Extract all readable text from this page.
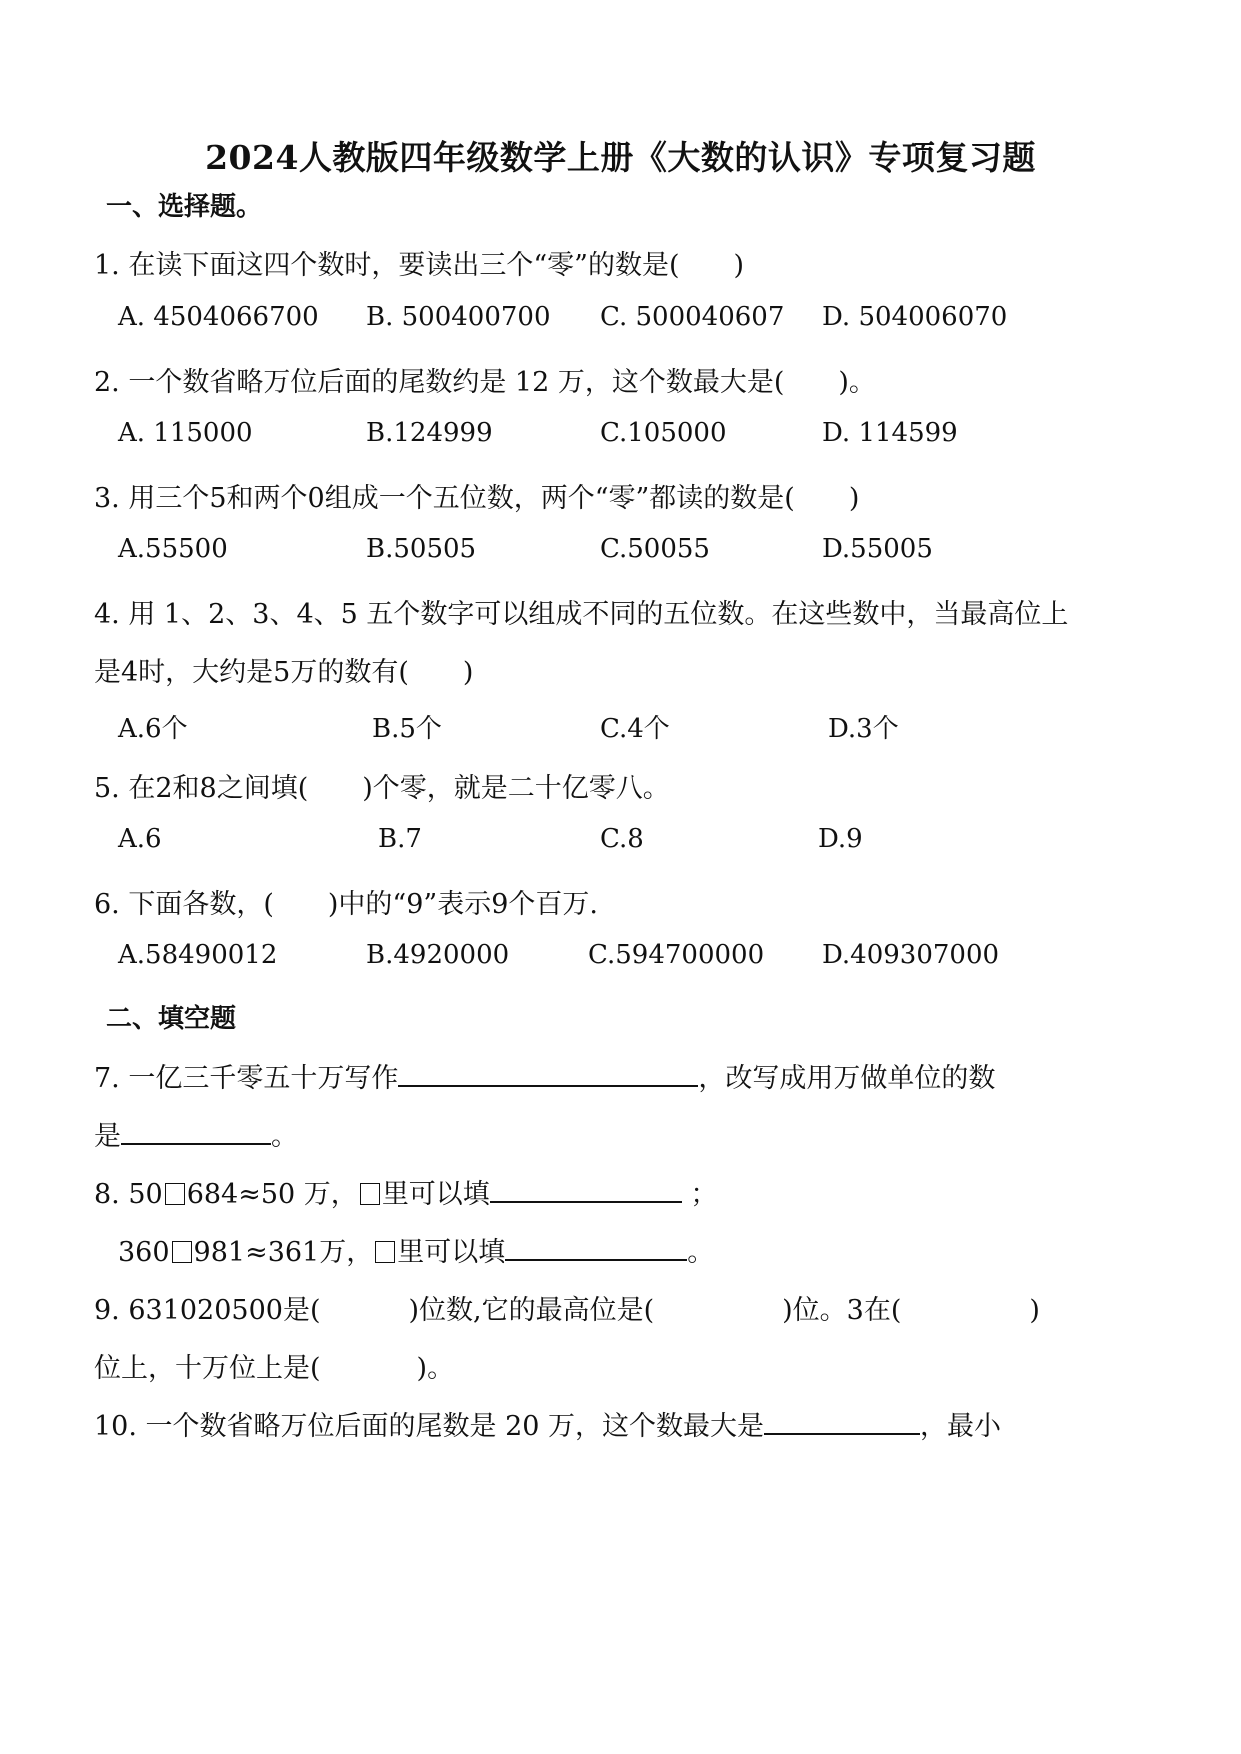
2024人教版四年级数学上册《大数的认识》专项复习题
一、选择题。
1. 在读下面这四个数时，要读出三个“零”的数是(　　)
A. 4504066700 B. 500400700 C. 500040607 D. 504006070
2. 一个数省略万位后面的尾数约是 12 万，这个数最大是(　　)。
A. 115000	B.124999	C.105000	D. 114599
3. 用三个5和两个0组成一个五位数，两个“零”都读的数是(　　)
A.55500	B.50505	C.50055	D.55005
4. 用 1、2、3、4、5 五个数字可以组成不同的五位数。在这些数中，当最高位上
是4时，大约是5万的数有(　　)
A.6个	B.5个	C.4个	D.3个
5. 在2和8之间填(　　)个零，就是二十亿零八。
A.6	B.7	C.8	D.9
6. 下面各数，(　　)中的“9”表示9个百万.
A.58490012	B.4920000	C.594700000 D.409307000
二、填空题
7. 一亿三千零五十万写作	，改写成用万做单位的数
是	。
8. 50 684≈50 万， 里可以填	；
360 981≈361万， 里可以填	。
9. 631020500是(	)位数,它的最高位是(	)位。3在(	)
位上，十万位上是(	)。
10. 一个数省略万位后面的尾数是 20 万，这个数最大是	，最小
